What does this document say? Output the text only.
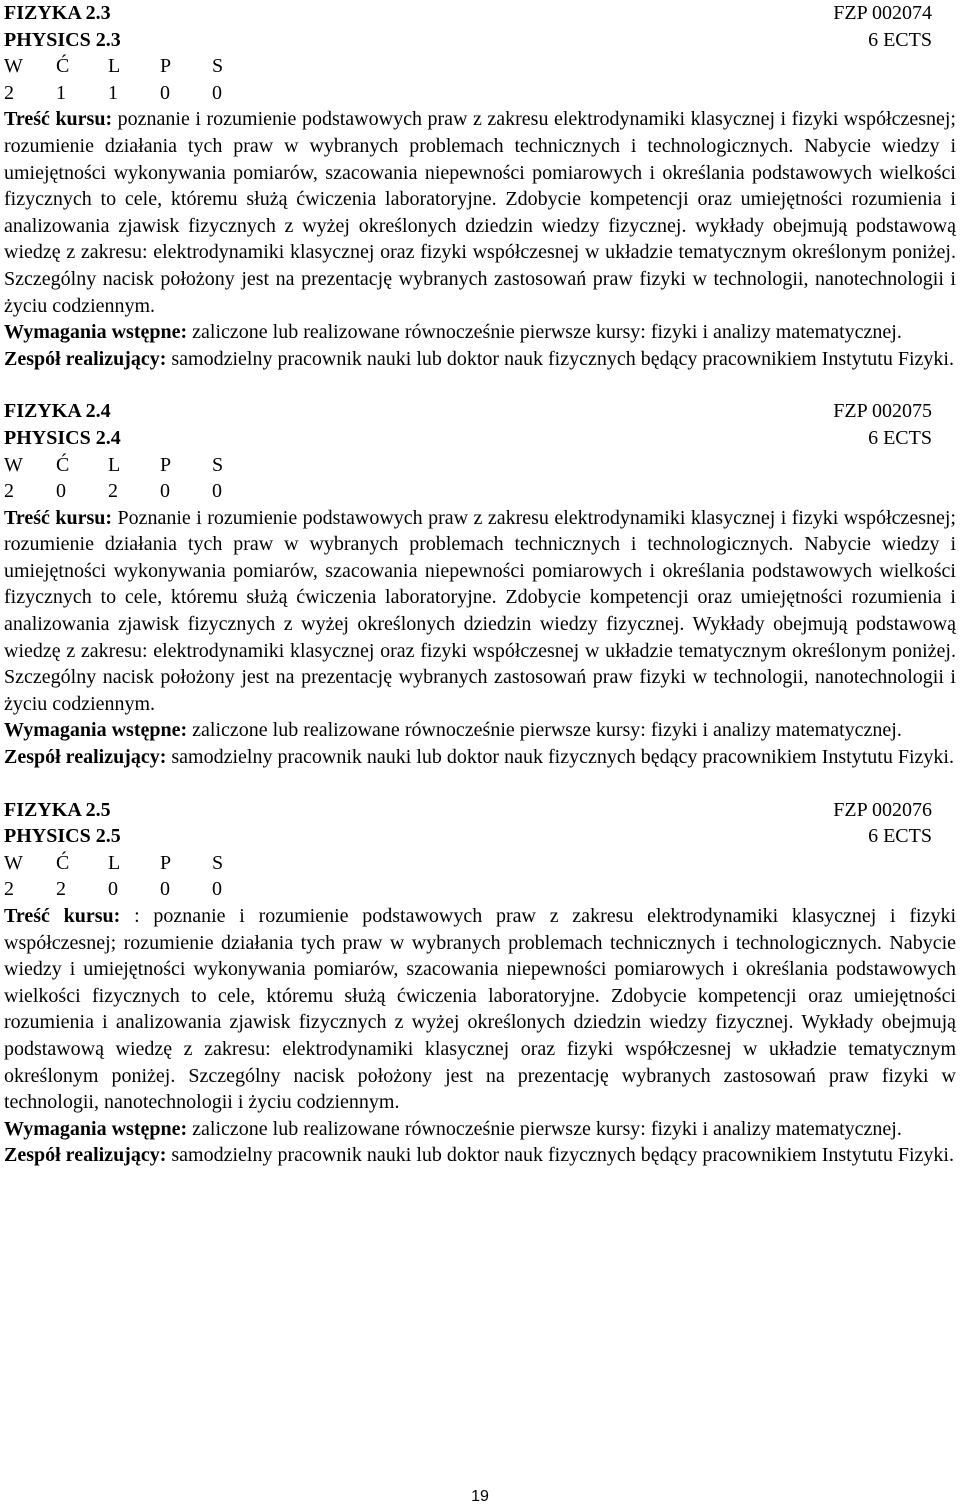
FIZYKA 2.3	FZP 002074
PHYSICS 2.3	6 ECTS
W	Ć	L	P	S
2	1	1	0	0

Treść kursu: poznanie i rozumienie podstawowych praw z zakresu elektrodynamiki klasycznej i fizyki współczesnej; rozumienie działania tych praw w wybranych problemach technicznych i technologicznych. Nabycie wiedzy i umiejętności wykonywania pomiarów, szacowania niepewności pomiarowych i określania podstawowych wielkości fizycznych to cele, któremu służą ćwiczenia laboratoryjne. Zdobycie kompetencji oraz umiejętności rozumienia i analizowania zjawisk fizycznych z wyżej określonych dziedzin wiedzy fizycznej. wykłady obejmują podstawową wiedzę z zakresu: elektrodynamiki klasycznej oraz fizyki współczesnej w układzie tematycznym określonym poniżej. Szczególny nacisk położony jest na prezentację wybranych zastosowań praw fizyki w technologii, nanotechnologii i życiu codziennym.

Wymagania wstępne: zaliczone lub realizowane równocześnie pierwsze kursy: fizyki i analizy matematycznej.

Zespół realizujący: samodzielny pracownik nauki lub doktor nauk fizycznych będący pracownikiem Instytutu Fizyki.

FIZYKA 2.4	FZP 002075
PHYSICS 2.4	6 ECTS
W	Ć	L	P	S
2	0	2	0	0

Treść kursu: Poznanie i rozumienie podstawowych praw z zakresu elektrodynamiki klasycznej i fizyki współczesnej; rozumienie działania tych praw w wybranych problemach technicznych i technologicznych. Nabycie wiedzy i umiejętności wykonywania pomiarów, szacowania niepewności pomiarowych i określania podstawowych wielkości fizycznych to cele, któremu służą ćwiczenia laboratoryjne. Zdobycie kompetencji oraz umiejętności rozumienia i analizowania zjawisk fizycznych z wyżej określonych dziedzin wiedzy fizycznej. Wykłady obejmują podstawową wiedzę z zakresu: elektrodynamiki klasycznej oraz fizyki współczesnej w układzie tematycznym określonym poniżej. Szczególny nacisk położony jest na prezentację wybranych zastosowań praw fizyki w technologii, nanotechnologii i życiu codziennym.

Wymagania wstępne: zaliczone lub realizowane równocześnie pierwsze kursy: fizyki i analizy matematycznej.

Zespół realizujący: samodzielny pracownik nauki lub doktor nauk fizycznych będący pracownikiem Instytutu Fizyki.

FIZYKA 2.5	FZP 002076
PHYSICS 2.5	6 ECTS
W	Ć	L	P	S
2	2	0	0	0

Treść kursu: : poznanie i rozumienie podstawowych praw z zakresu elektrodynamiki klasycznej i fizyki współczesnej; rozumienie działania tych praw w wybranych problemach technicznych i technologicznych. Nabycie wiedzy i umiejętności wykonywania pomiarów, szacowania niepewności pomiarowych i określania podstawowych wielkości fizycznych to cele, któremu służą ćwiczenia laboratoryjne. Zdobycie kompetencji oraz umiejętności rozumienia i analizowania zjawisk fizycznych z wyżej określonych dziedzin wiedzy fizycznej. Wykłady obejmują podstawową wiedzę z zakresu: elektrodynamiki klasycznej oraz fizyki współczesnej w układzie tematycznym określonym poniżej. Szczególny nacisk położony jest na prezentację wybranych zastosowań praw fizyki w technologii, nanotechnologii i życiu codziennym.

Wymagania wstępne: zaliczone lub realizowane równocześnie pierwsze kursy: fizyki i analizy matematycznej.

Zespół realizujący: samodzielny pracownik nauki lub doktor nauk fizycznych będący pracownikiem Instytutu Fizyki.

19
